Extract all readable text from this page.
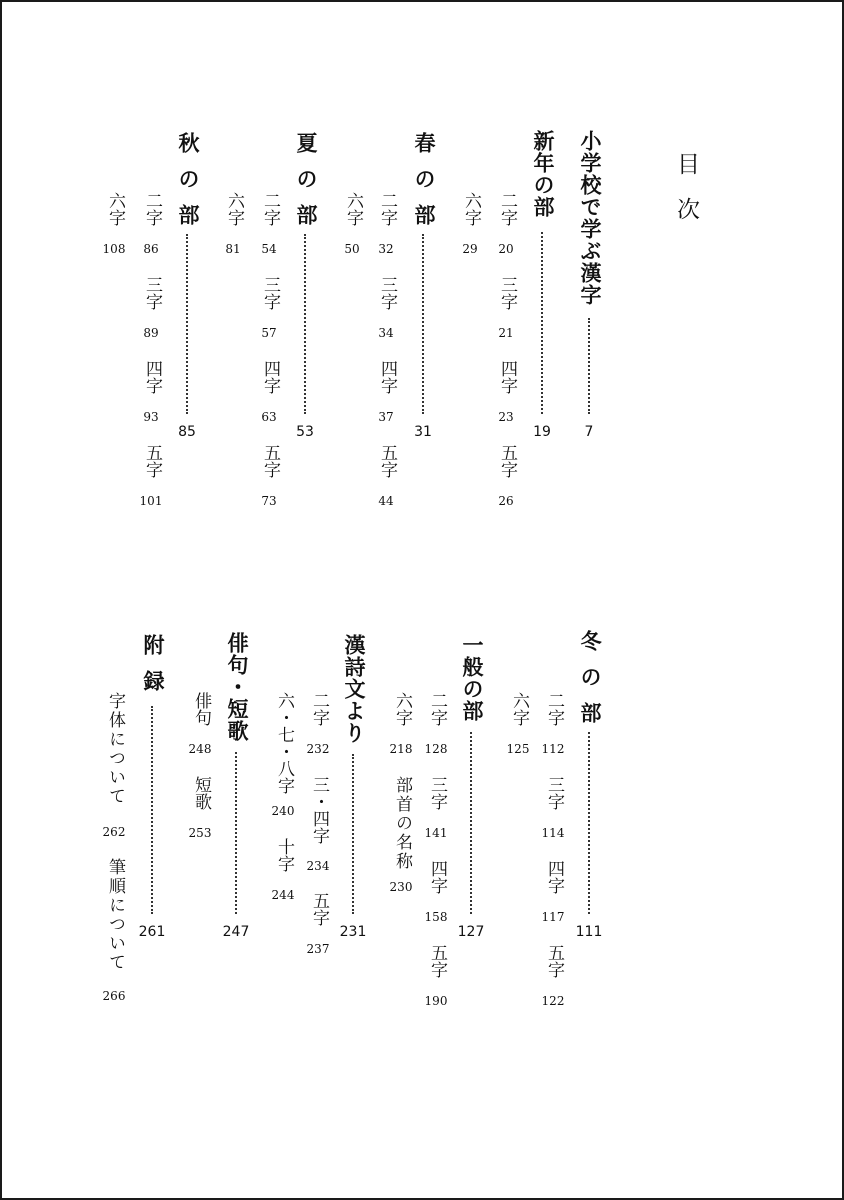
目次
小学校で学ぶ漢字
7
新年の部
19
二字
20
三字
21
四字
23
五字
26
六字
29
春の部
31
二字
32
三字
34
四字
37
五字
44
六字
50
夏の部
53
二字
54
三字
57
四字
63
五字
73
六字
81
秋の部
85
二字
86
三字
89
四字
93
五字
101
六字
108
冬の部
111
二字
112
三字
114
四字
117
五字
122
六字
125
一般の部
127
二字
128
三字
141
四字
158
五字
190
六字
218
部首の名称
230
漢詩文より
231
二字
232
三・四字
234
五字
237
六・七・八字
240
十字
244
俳句・短歌
247
俳句
248
短歌
253
附録
261
字体について
262
筆順について
266
